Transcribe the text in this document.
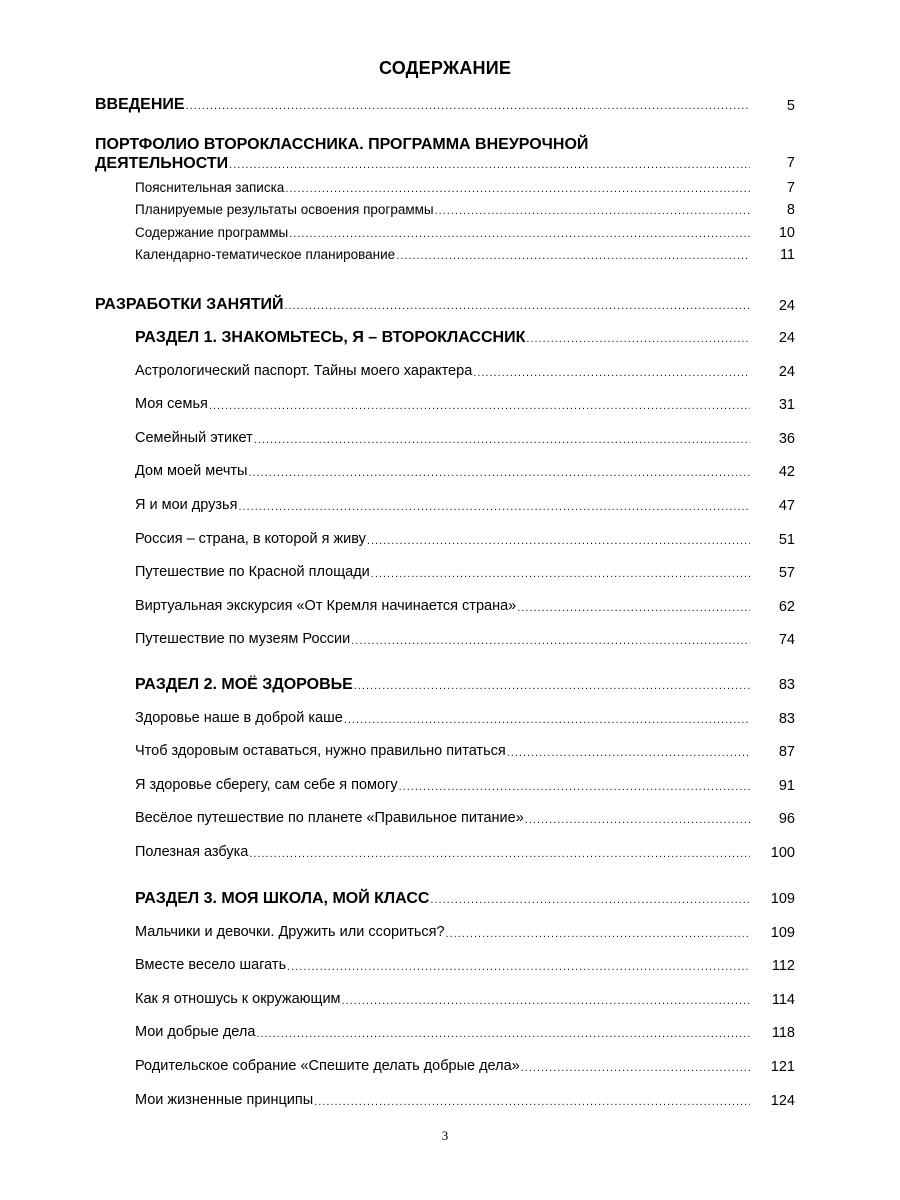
СОДЕРЖАНИЕ
ВВЕДЕНИЕ .....	5
ПОРТФОЛИО ВТОРОКЛАССНИКА. ПРОГРАММА ВНЕУРОЧНОЙ
ДЕЯТЕЛЬНОСТИ .....	7
Пояснительная записка .....	7
Планируемые результаты освоения программы .....	8
Содержание программы .....	10
Календарно-тематическое планирование .....	11
РАЗРАБОТКИ ЗАНЯТИЙ .....	24
РАЗДЕЛ 1. ЗНАКОМЬТЕСЬ, Я – ВТОРОКЛАССНИК .....	24
Астрологический паспорт. Тайны моего характера .....	24
Моя семья .....	31
Семейный этикет .....	36
Дом моей мечты .....	42
Я и мои друзья .....	47
Россия – страна, в которой я живу .....	51
Путешествие по Красной площади .....	57
Виртуальная экскурсия «От Кремля начинается страна» .....	62
Путешествие по музеям России .....	74
РАЗДЕЛ 2. МОЁ ЗДОРОВЬЕ .....	83
Здоровье наше в доброй каше .....	83
Чтоб здоровым оставаться, нужно правильно питаться .....	87
Я здоровье сберегу, сам себе я помогу .....	91
Весёлое путешествие по планете «Правильное питание» .....	96
Полезная азбука .....	100
РАЗДЕЛ 3. МОЯ ШКОЛА, МОЙ КЛАСС .....	109
Мальчики и девочки. Дружить или ссориться? .....	109
Вместе весело шагать .....	112
Как я отношусь к окружающим .....	114
Мои добрые дела .....	118
Родительское собрание «Спешите делать добрые дела» .....	121
Мои жизненные принципы .....	124
3
